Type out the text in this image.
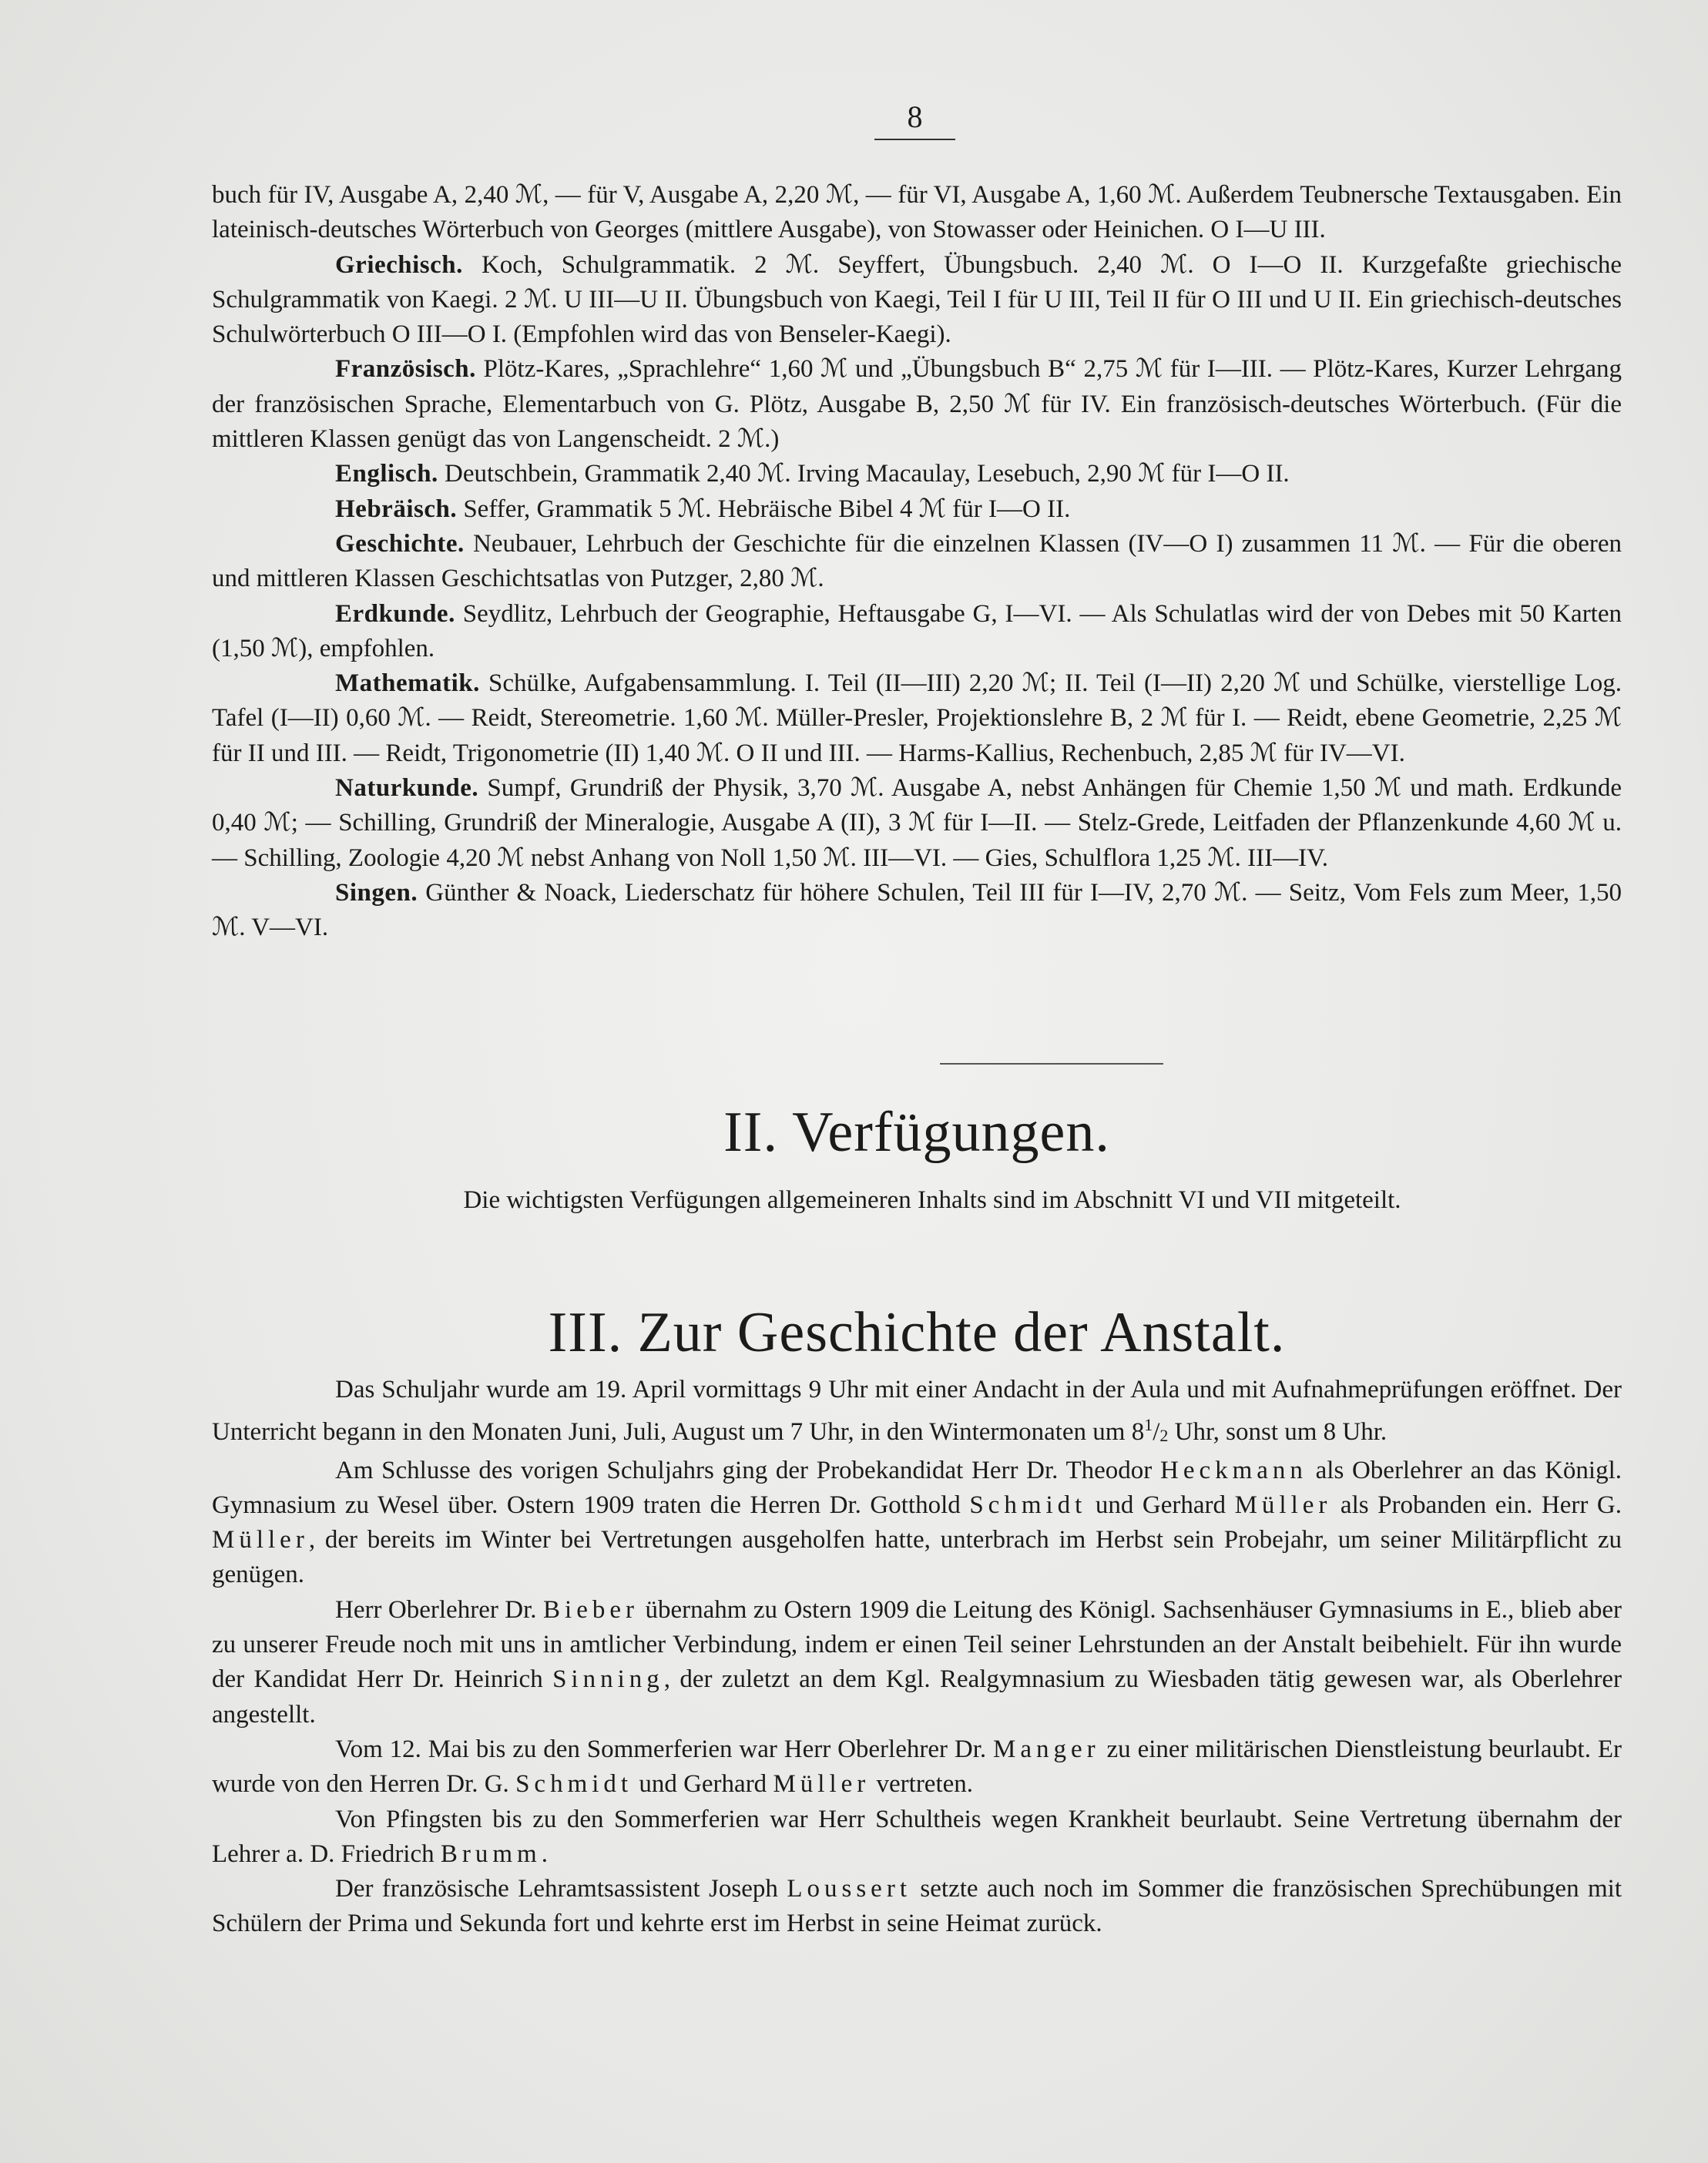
8

buch für IV, Ausgabe A, 2,40 ℳ, — für V, Ausgabe A, 2,20 ℳ, — für VI, Ausgabe A, 1,60 ℳ. Außerdem Teubnersche Textausgaben. Ein lateinisch-deutsches Wörterbuch von Georges (mittlere Ausgabe), von Stowasser oder Heinichen. O I—U III.

Griechisch. Koch, Schulgrammatik. 2 ℳ. Seyffert, Übungsbuch. 2,40 ℳ. O I—O II. Kurzgefaßte griechische Schulgrammatik von Kaegi. 2 ℳ. U III—U II. Übungsbuch von Kaegi, Teil I für U III, Teil II für O III und U II. Ein griechisch-deutsches Schulwörterbuch O III—O I. (Empfohlen wird das von Benseler-Kaegi).

Französisch. Plötz-Kares, „Sprachlehre“ 1,60 ℳ und „Übungsbuch B“ 2,75 ℳ für I—III. — Plötz-Kares, Kurzer Lehrgang der französischen Sprache, Elementarbuch von G. Plötz, Ausgabe B, 2,50 ℳ für IV. Ein französisch-deutsches Wörterbuch. (Für die mittleren Klassen genügt das von Langenscheidt. 2 ℳ.)

Englisch. Deutschbein, Grammatik 2,40 ℳ. Irving Macaulay, Lesebuch, 2,90 ℳ für I—O II.

Hebräisch. Seffer, Grammatik 5 ℳ. Hebräische Bibel 4 ℳ für I—O II.

Geschichte. Neubauer, Lehrbuch der Geschichte für die einzelnen Klassen (IV—O I) zusammen 11 ℳ. — Für die oberen und mittleren Klassen Geschichtsatlas von Putzger, 2,80 ℳ.

Erdkunde. Seydlitz, Lehrbuch der Geographie, Heftausgabe G, I—VI. — Als Schulatlas wird der von Debes mit 50 Karten (1,50 ℳ), empfohlen.

Mathematik. Schülke, Aufgabensammlung. I. Teil (II—III) 2,20 ℳ; II. Teil (I—II) 2,20 ℳ und Schülke, vierstellige Log. Tafel (I—II) 0,60 ℳ. — Reidt, Stereometrie. 1,60 ℳ. Müller-Presler, Projektionslehre B, 2 ℳ für I. — Reidt, ebene Geometrie, 2,25 ℳ für II und III. — Reidt, Trigonometrie (II) 1,40 ℳ. O II und III. — Harms-Kallius, Rechenbuch, 2,85 ℳ für IV—VI.

Naturkunde. Sumpf, Grundriß der Physik, 3,70 ℳ. Ausgabe A, nebst Anhängen für Chemie 1,50 ℳ und math. Erdkunde 0,40 ℳ; — Schilling, Grundriß der Mineralogie, Ausgabe A (II), 3 ℳ für I—II. — Stelz-Grede, Leitfaden der Pflanzenkunde 4,60 ℳ u. — Schilling, Zoologie 4,20 ℳ nebst Anhang von Noll 1,50 ℳ. III—VI. — Gies, Schulflora 1,25 ℳ. III—IV.

Singen. Günther & Noack, Liederschatz für höhere Schulen, Teil III für I—IV, 2,70 ℳ. — Seitz, Vom Fels zum Meer, 1,50 ℳ. V—VI.

II. Verfügungen.
Die wichtigsten Verfügungen allgemeineren Inhalts sind im Abschnitt VI und VII mitgeteilt.
III. Zur Geschichte der Anstalt.

Das Schuljahr wurde am 19. April vormittags 9 Uhr mit einer Andacht in der Aula und mit Aufnahmeprüfungen eröffnet. Der Unterricht begann in den Monaten Juni, Juli, August um 7 Uhr, in den Wintermonaten um $8^1/2$ Uhr, sonst um 8 Uhr.

Am Schlusse des vorigen Schuljahrs ging der Probekandidat Herr Dr. Theodor Heckmann als Oberlehrer an das Königl. Gymnasium zu Wesel über. Ostern 1909 traten die Herren Dr. Gotthold Schmidt und Gerhard Müller als Probanden ein. Herr G. Müller, der bereits im Winter bei Vertretungen ausgeholfen hatte, unterbrach im Herbst sein Probejahr, um seiner Militärpflicht zu genügen.

Herr Oberlehrer Dr. Bieber übernahm zu Ostern 1909 die Leitung des Königl. Sachsenhäuser Gymnasiums in E., blieb aber zu unserer Freude noch mit uns in amtlicher Verbindung, indem er einen Teil seiner Lehrstunden an der Anstalt beibehielt. Für ihn wurde der Kandidat Herr Dr. Heinrich Sinning, der zuletzt an dem Kgl. Realgymnasium zu Wiesbaden tätig gewesen war, als Oberlehrer angestellt.

Vom 12. Mai bis zu den Sommerferien war Herr Oberlehrer Dr. Manger zu einer militärischen Dienstleistung beurlaubt. Er wurde von den Herren Dr. G. Schmidt und Gerhard Müller vertreten.

Von Pfingsten bis zu den Sommerferien war Herr Schultheis wegen Krankheit beurlaubt. Seine Vertretung übernahm der Lehrer a. D. Friedrich Brumm.

Der französische Lehramtsassistent Joseph Loussert setzte auch noch im Sommer die französischen Sprechübungen mit Schülern der Prima und Sekunda fort und kehrte erst im Herbst in seine Heimat zurück.
